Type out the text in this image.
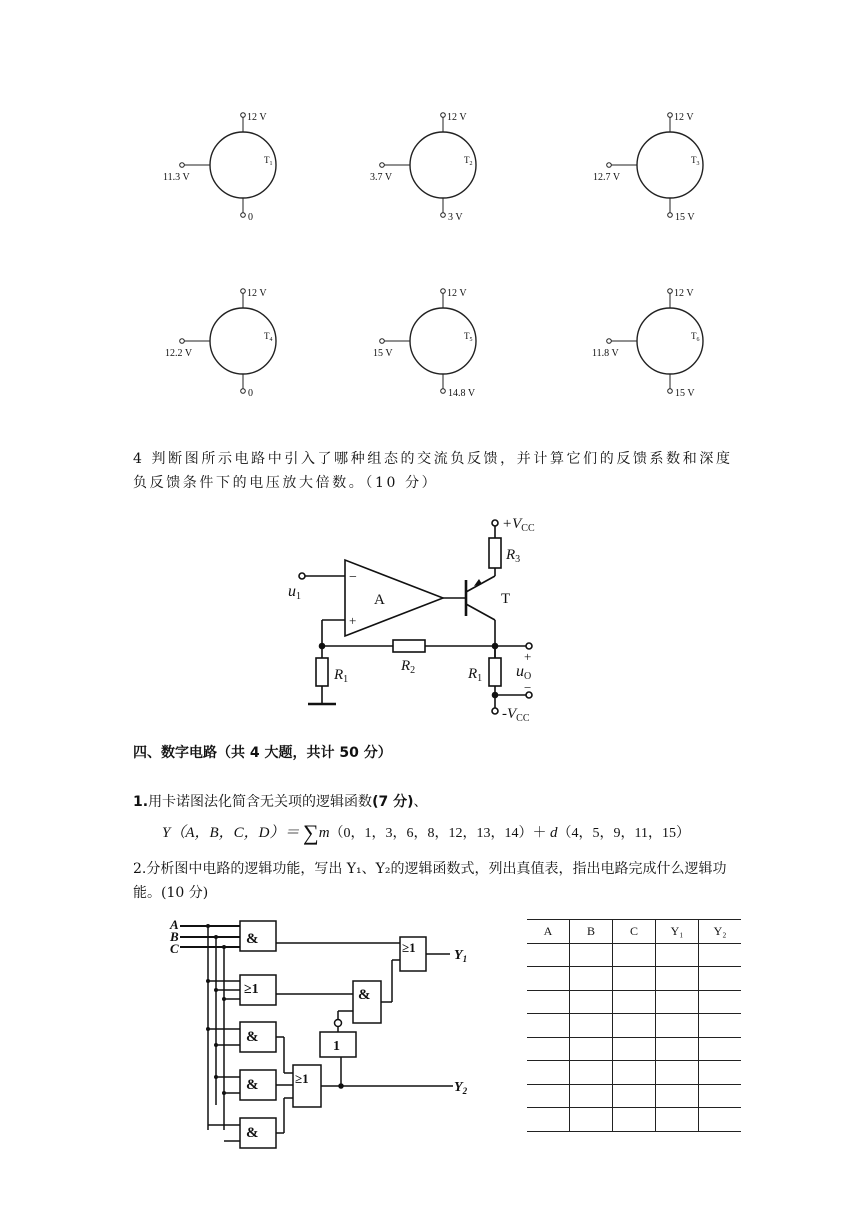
12 V
11.3 V
0
$T_1$
12 V
3.7 V
3 V
$T_2$
12 V
12.7 V
15 V
$T_3$
12 V
12.2 V
0
$T_4$
12 V
15 V
14.8 V
$T_5$
12 V
11.8 V
15 V
$T_6$
4 判断图所示电路中引入了哪种组态的交流负反馈，并计算它们的反馈系数和深度负反馈条件下的电压放大倍数。（10 分）
−
+
A	T
$+V_{CC}$
$-V_{CC}$
$R_3$
$R_2$
$R_1$	$R_1$
u1
uO
+
−
四、数字电路（共 4 大题，共计 50 分）
1.用卡诺图法化简含无关项的逻辑函数(7 分)、
Y（A，B，C，D）＝ ∑m（0，1，3，6，8，12，13，14）＋ d（4，5，9，11，15）
2.分析图中电路的逻辑功能，写出 Y₁、Y₂的逻辑函数式，列出真值表，指出电路完成什么逻辑功能。(10 分)
A
B
C
&
≥1
&
&
&
≥1
1
&
≥1
$Y_1$
$Y_2$
A	B	C	Y₁	Y₂
